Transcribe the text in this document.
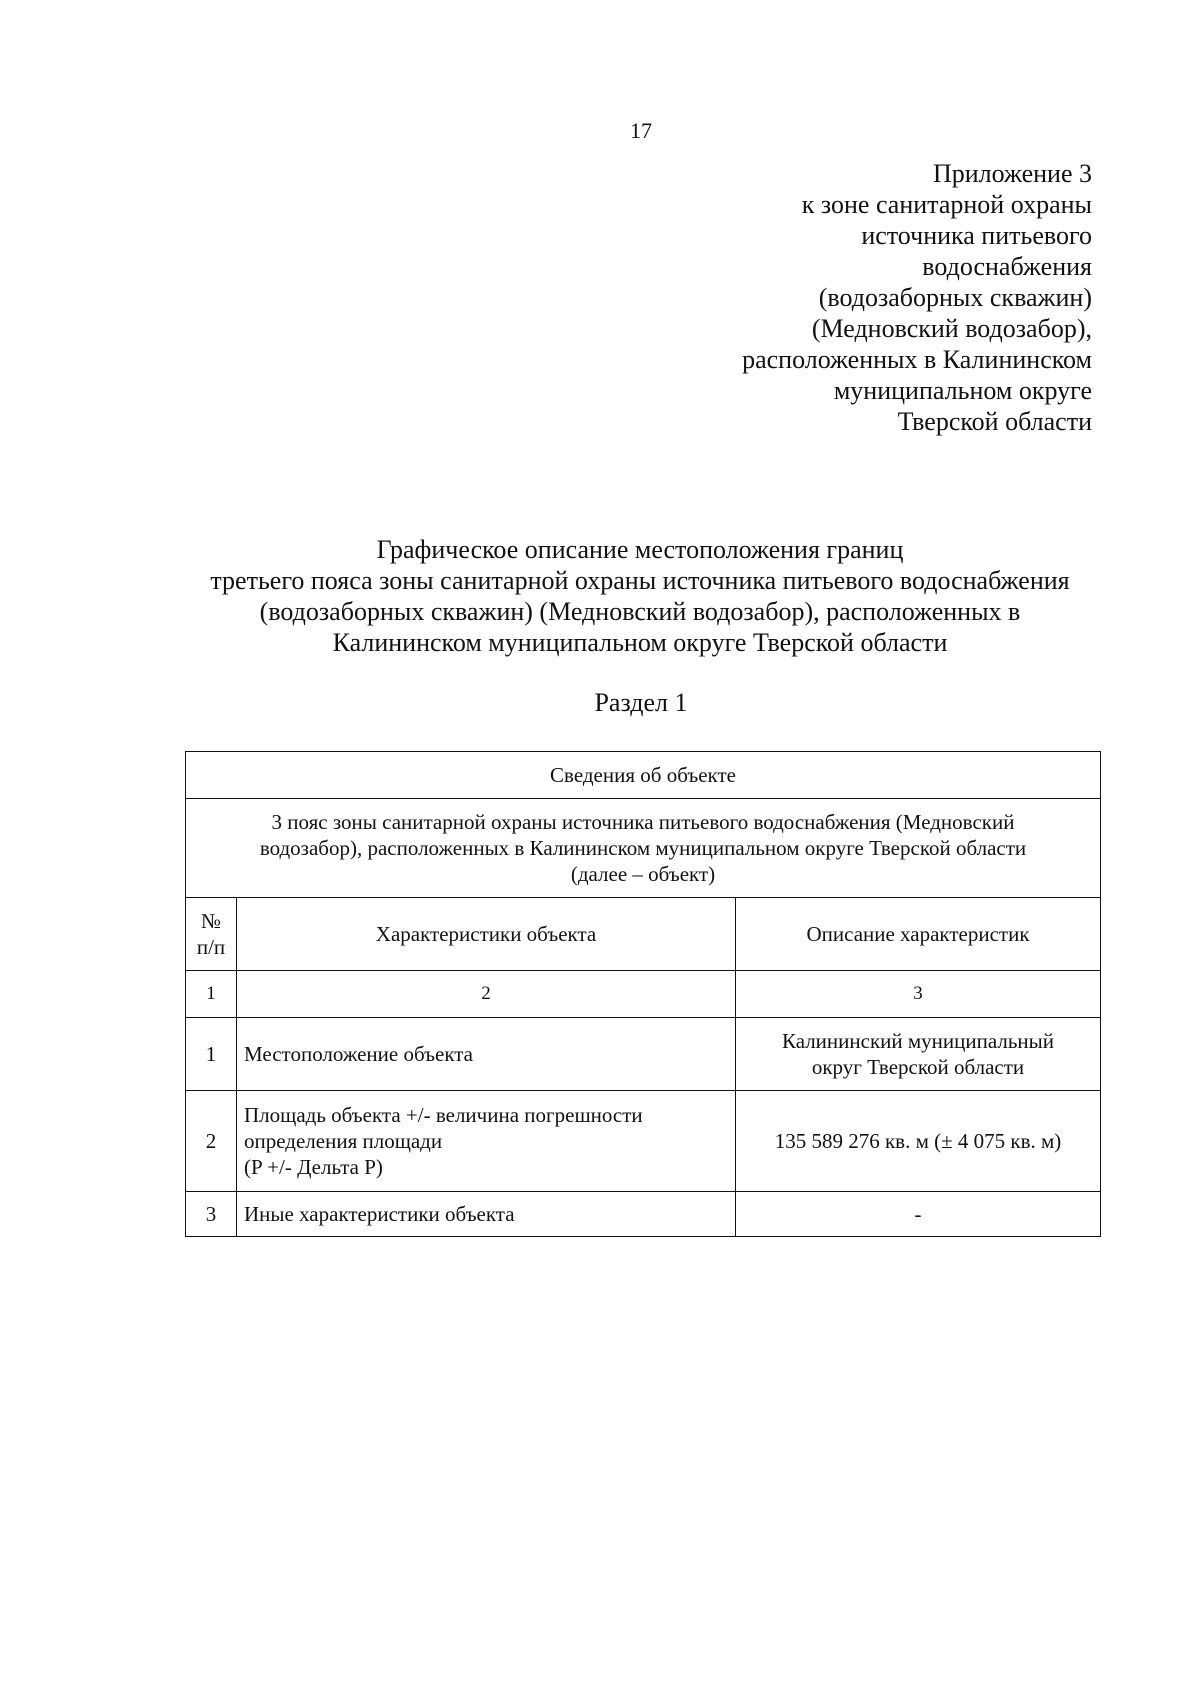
17
Приложение 3
к зоне санитарной охраны
источника питьевого
водоснабжения
(водозаборных скважин)
(Медновский водозабор),
расположенных в Калининском
муниципальном округе
Тверской области
Графическое описание местоположения границ
третьего пояса зоны санитарной охраны источника питьевого водоснабжения
(водозаборных скважин) (Медновский водозабор), расположенных в
Калининском муниципальном округе Тверской области
Раздел 1
Сведения об объекте		

3 пояс зоны санитарной охраны источника питьевого водоснабжения (Медновский
водозабор), расположенных в Калининском муниципальном округе Тверской области
(далее – объект)		

№ п/п	Характеристики объекта	Описание характеристик
1	2	3
1	Местоположение объекта	Калининский муниципальный
округ Тверской области

2	Площадь объекта +/- величина погрешности
определения площади
(P +/- Дельта P)	135 589 276 кв. м (± 4 075 кв. м)

3	Иные характеристики объекта	-
